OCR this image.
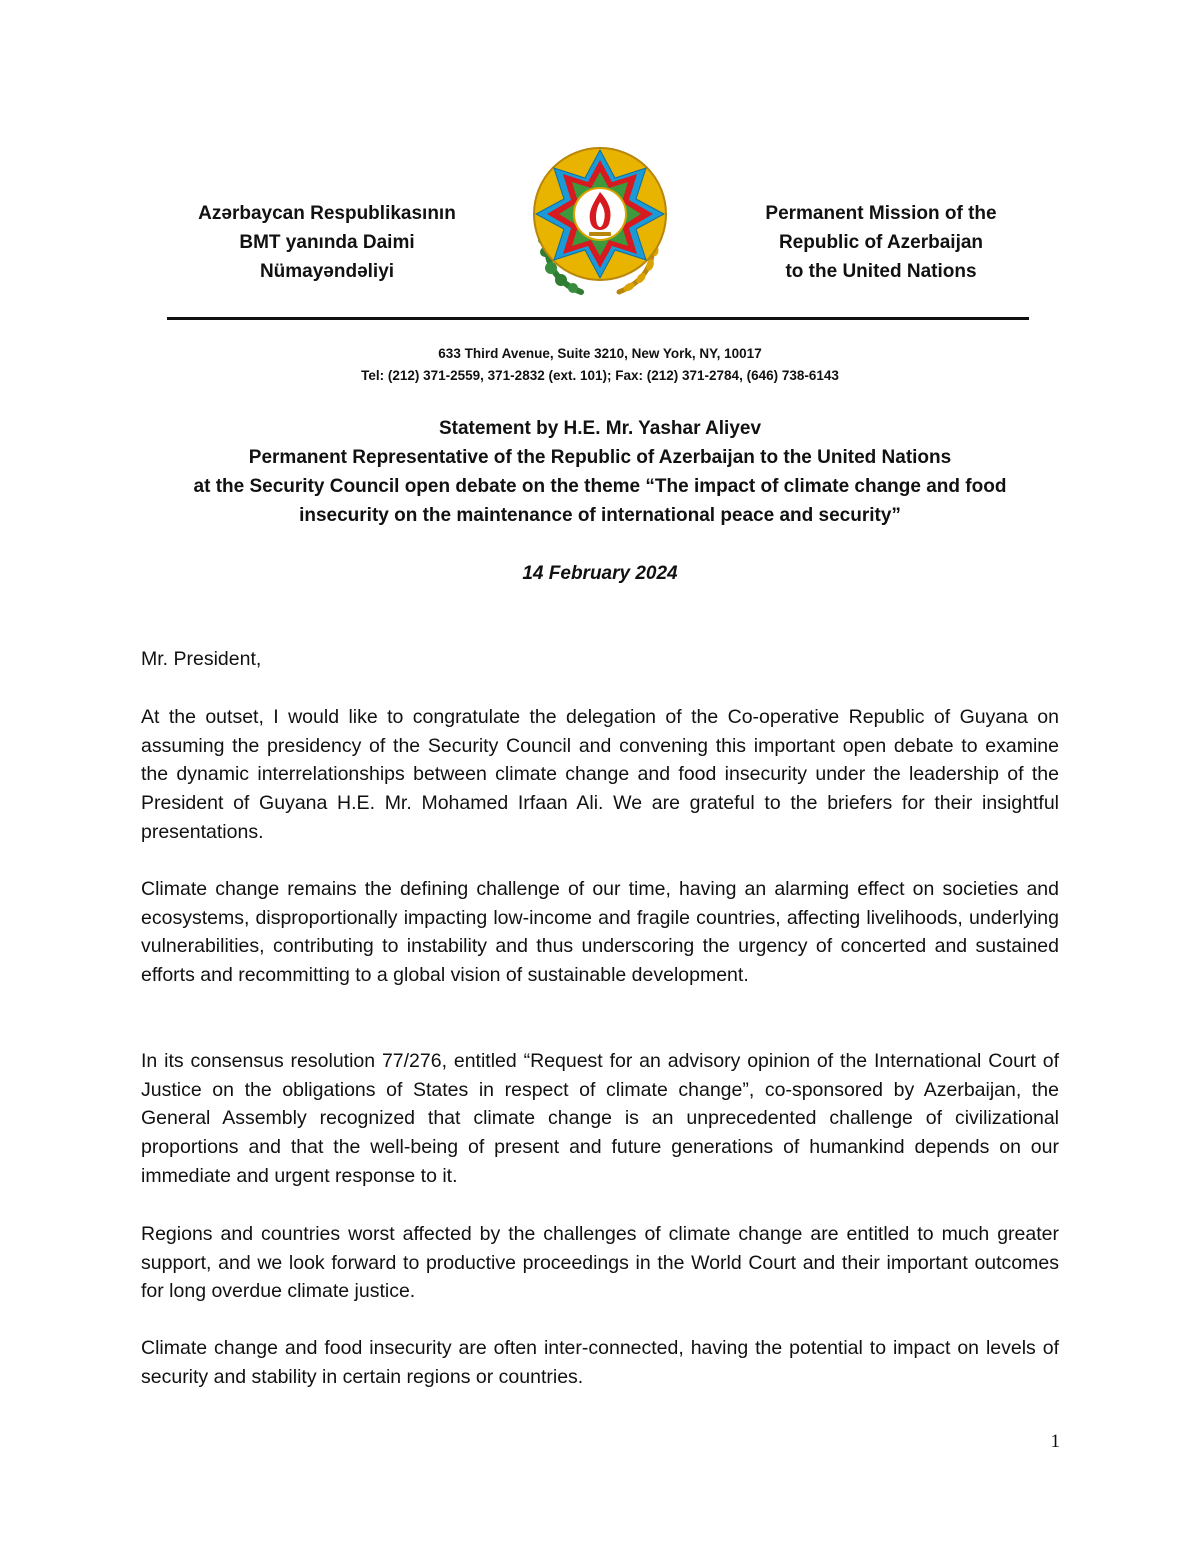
Azərbaycan Respublikasının
BMT yanında Daimi
Nümayəndəliyi
Permanent Mission of the
Republic of Azerbaijan
to the United Nations
633 Third Avenue, Suite 3210, New York, NY, 10017
Tel: (212) 371-2559, 371-2832 (ext. 101); Fax: (212) 371-2784, (646) 738-6143
Statement by H.E. Mr. Yashar Aliyev
Permanent Representative of the Republic of Azerbaijan to the United Nations
at the Security Council open debate on the theme “The impact of climate change and food
insecurity on the maintenance of international peace and security”
14 February 2024
Mr. President,
At the outset, I would like to congratulate the delegation of the Co-operative Republic of Guyana on assuming the presidency of the Security Council and convening this important open debate to examine the dynamic interrelationships between climate change and food insecurity under the leadership of the President of Guyana H.E. Mr. Mohamed Irfaan Ali. We are grateful to the briefers for their insightful presentations.
Climate change remains the defining challenge of our time, having an alarming effect on societies and ecosystems, disproportionally impacting low-income and fragile countries, affecting livelihoods, underlying vulnerabilities, contributing to instability and thus underscoring the urgency of concerted and sustained efforts and recommitting to a global vision of sustainable development.
In its consensus resolution 77/276, entitled “Request for an advisory opinion of the International Court of Justice on the obligations of States in respect of climate change”, co-sponsored by Azerbaijan, the General Assembly recognized that climate change is an unprecedented challenge of civilizational proportions and that the well-being of present and future generations of humankind depends on our immediate and urgent response to it.
Regions and countries worst affected by the challenges of climate change are entitled to much greater support, and we look forward to productive proceedings in the World Court and their important outcomes for long overdue climate justice.
Climate change and food insecurity are often inter-connected, having the potential to impact on levels of security and stability in certain regions or countries.
1
